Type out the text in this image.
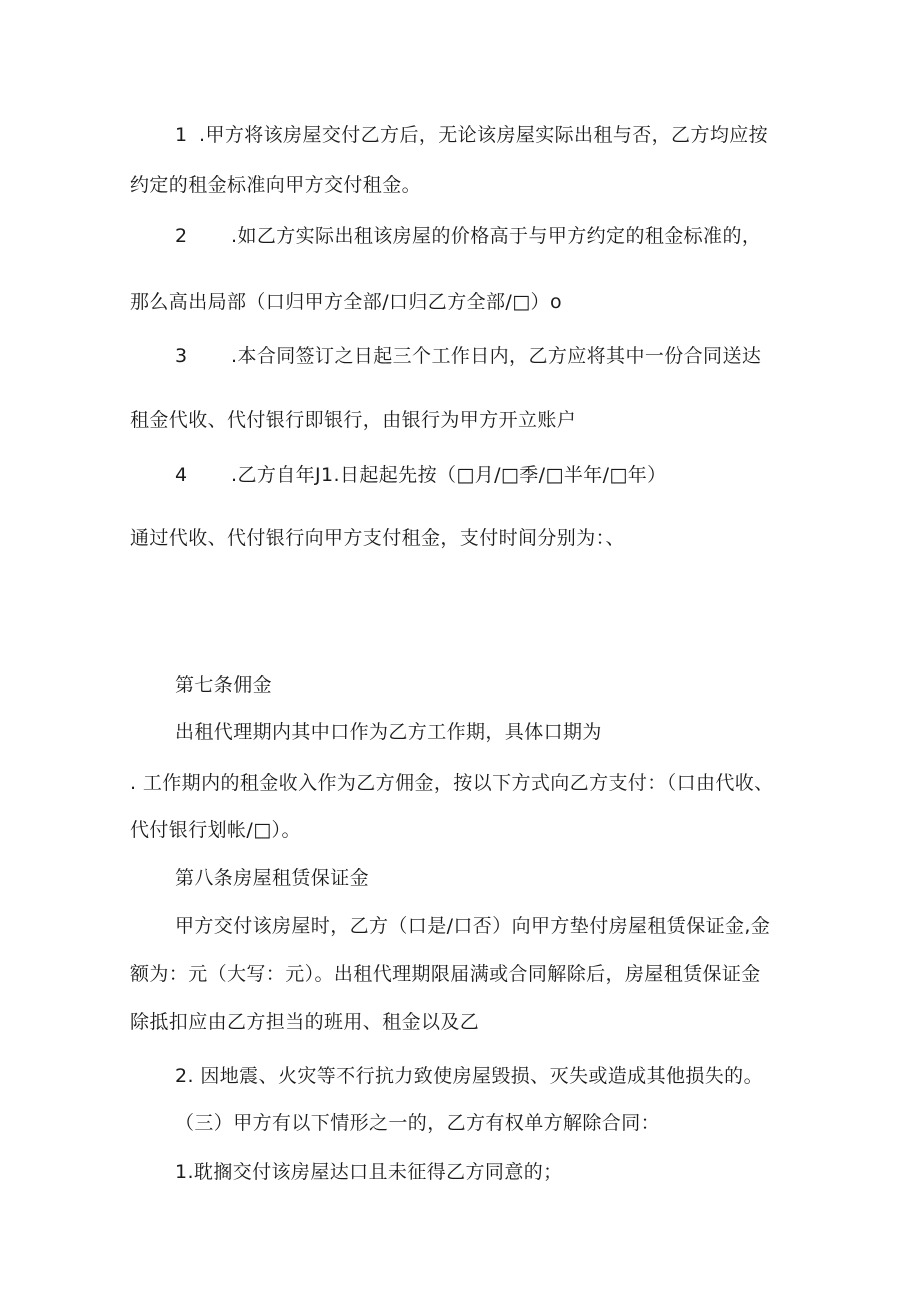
1 .甲方将该房屋交付乙方后，无论该房屋实际出租与否，乙方均应按
约定的租金标准向甲方交付租金。
2 .如乙方实际出租该房屋的价格高于与甲方约定的租金标准的，
那么高出局部（口归甲方全部/口归乙方全部/□）o
3 .本合同签订之日起三个工作日内，乙方应将其中一份合同送达
租金代收、代付银行即银行，由银行为甲方开立账户
4 .乙方自年J1.日起起先按（□月/□季/□半年/□年）
通过代收、代付银行向甲方支付租金，支付时间分别为：、
第七条佣金
出租代理期内其中口作为乙方工作期，具体口期为
. 工作期内的租金收入作为乙方佣金，按以下方式向乙方支付：（口由代收、
代付银行划帐/□）。
第八条房屋租赁保证金
甲方交付该房屋时，乙方（口是/口否）向甲方垫付房屋租赁保证金,金
额为：元（大写：元）。出租代理期限届满或合同解除后，房屋租赁保证金
除抵扣应由乙方担当的班用、租金以及乙
2. 因地震、火灾等不行抗力致使房屋毁损、灭失或造成其他损失的。
（三）甲方有以下情形之一的，乙方有权单方解除合同：
1.耽搁交付该房屋达口且未征得乙方同意的；
